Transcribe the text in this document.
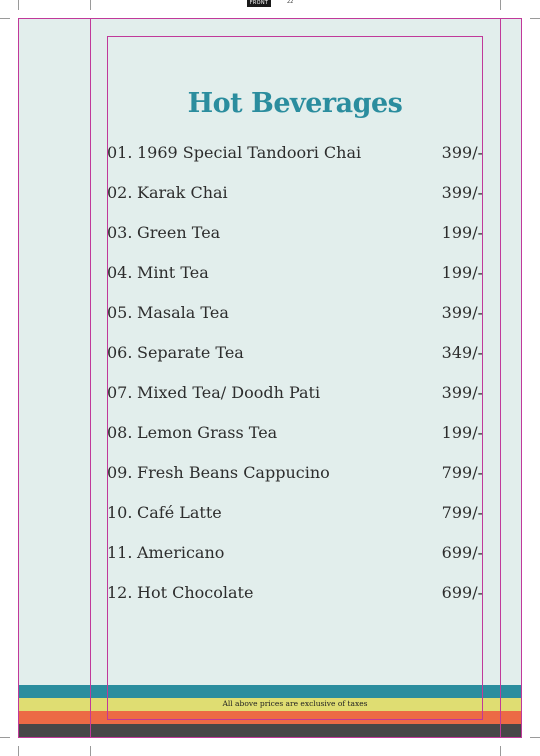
FRONT	22
All above prices are exclusive of taxes
Hot Beverages
01. 1969 Special Tandoori Chai	399/-
02. Karak Chai	399/-
03. Green Tea	199/-
04. Mint Tea	199/-
05. Masala Tea	399/-
06. Separate Tea	349/-
07. Mixed Tea/ Doodh Pati	399/-
08. Lemon Grass Tea	199/-
09. Fresh Beans Cappucino	799/-
10. Café Latte	799/-
11. Americano	699/-
12. Hot Chocolate	699/-
